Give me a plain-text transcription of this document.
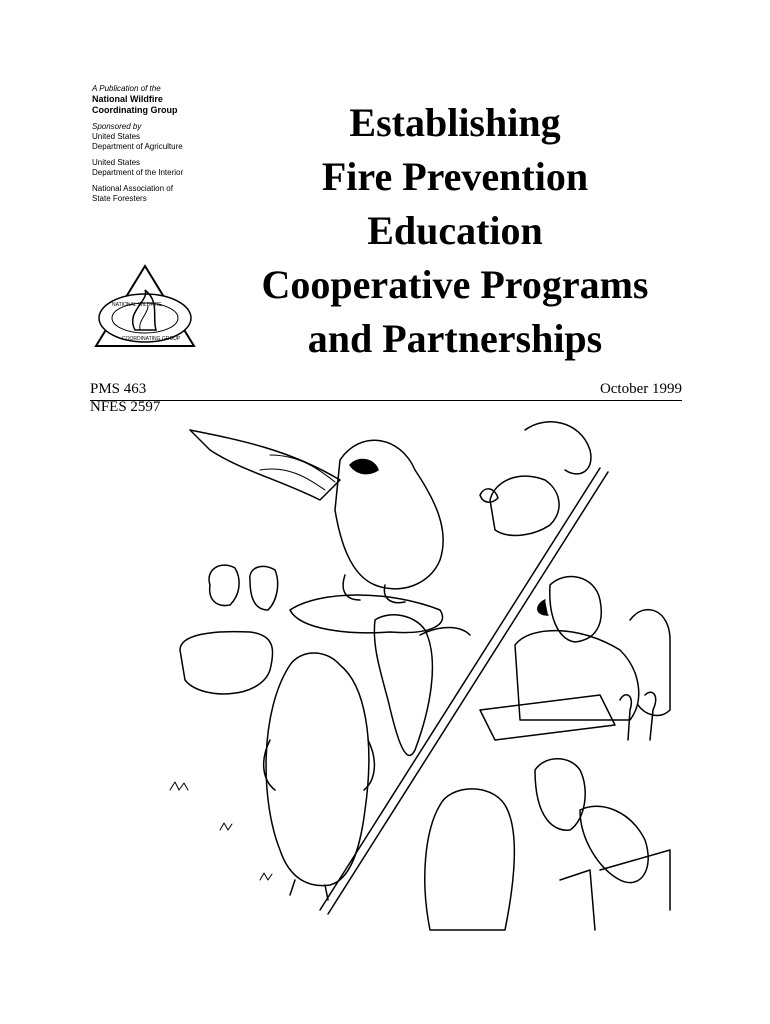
A Publication of the
National Wildfire
Coordinating Group
Sponsored by
United States
Department of Agriculture
United States
Department of the Interior
National Association of
State Foresters
NATIONAL WILDFIRE
COORDINATING GROUP
Establishing
Fire Prevention
Education
Cooperative Programs
and Partnerships
PMS 463
NFES 2597
October 1999
